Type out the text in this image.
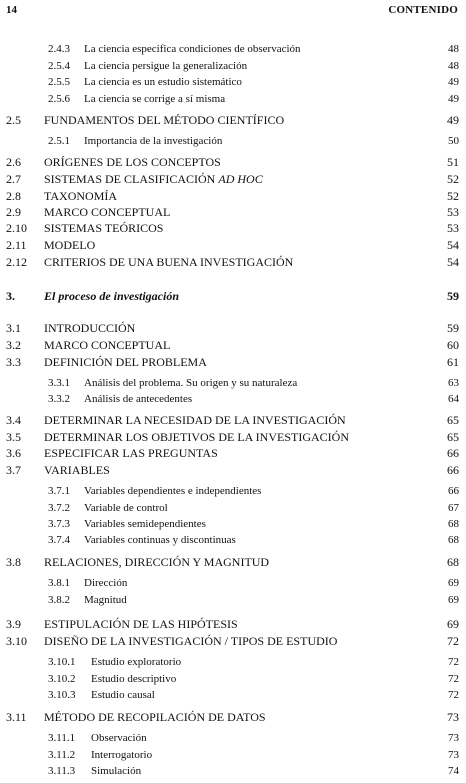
14	CONTENIDO
2.4.3 La ciencia especifica condiciones de observación	48
2.5.4 La ciencia persigue la generalización	48
2.5.5 La ciencia es un estudio sistemático	49
2.5.6 La ciencia se corrige a sí misma	49
2.5 FUNDAMENTOS DEL MÉTODO CIENTÍFICO	49
2.5.1 Importancia de la investigación	50
2.6 ORÍGENES DE LOS CONCEPTOS	51
2.7 SISTEMAS DE CLASIFICACIÓN AD HOC	52
2.8 TAXONOMÍA	52
2.9 MARCO CONCEPTUAL	53
2.10 SISTEMAS TEÓRICOS	53
2.11 MODELO	54
2.12 CRITERIOS DE UNA BUENA INVESTIGACIÓN	54
3. El proceso de investigación	59
3.1 INTRODUCCIÓN	59
3.2 MARCO CONCEPTUAL	60
3.3 DEFINICIÓN DEL PROBLEMA	61
3.3.1 Análisis del problema. Su origen y su naturaleza	63
3.3.2 Análisis de antecedentes	64
3.4 DETERMINAR LA NECESIDAD DE LA INVESTIGACIÓN	65
3.5 DETERMINAR LOS OBJETIVOS DE LA INVESTIGACIÓN	65
3.6 ESPECIFICAR LAS PREGUNTAS	66
3.7 VARIABLES	66
3.7.1 Variables dependientes e independientes	66
3.7.2 Variable de control	67
3.7.3 Variables semidependientes	68
3.7.4 Variables continuas y discontinuas	68
3.8 RELACIONES, DIRECCIÓN Y MAGNITUD	68
3.8.1 Dirección	69
3.8.2 Magnitud	69
3.9 ESTIPULACIÓN DE LAS HIPÓTESIS	69
3.10 DISEÑO DE LA INVESTIGACIÓN / TIPOS DE ESTUDIO	72
3.10.1 Estudio exploratorio	72
3.10.2 Estudio descriptivo	72
3.10.3 Estudio causal	72
3.11 MÉTODO DE RECOPILACIÓN DE DATOS	73
3.11.1 Observación	73
3.11.2 Interrogatorio	73
3.11.3 Simulación	74
